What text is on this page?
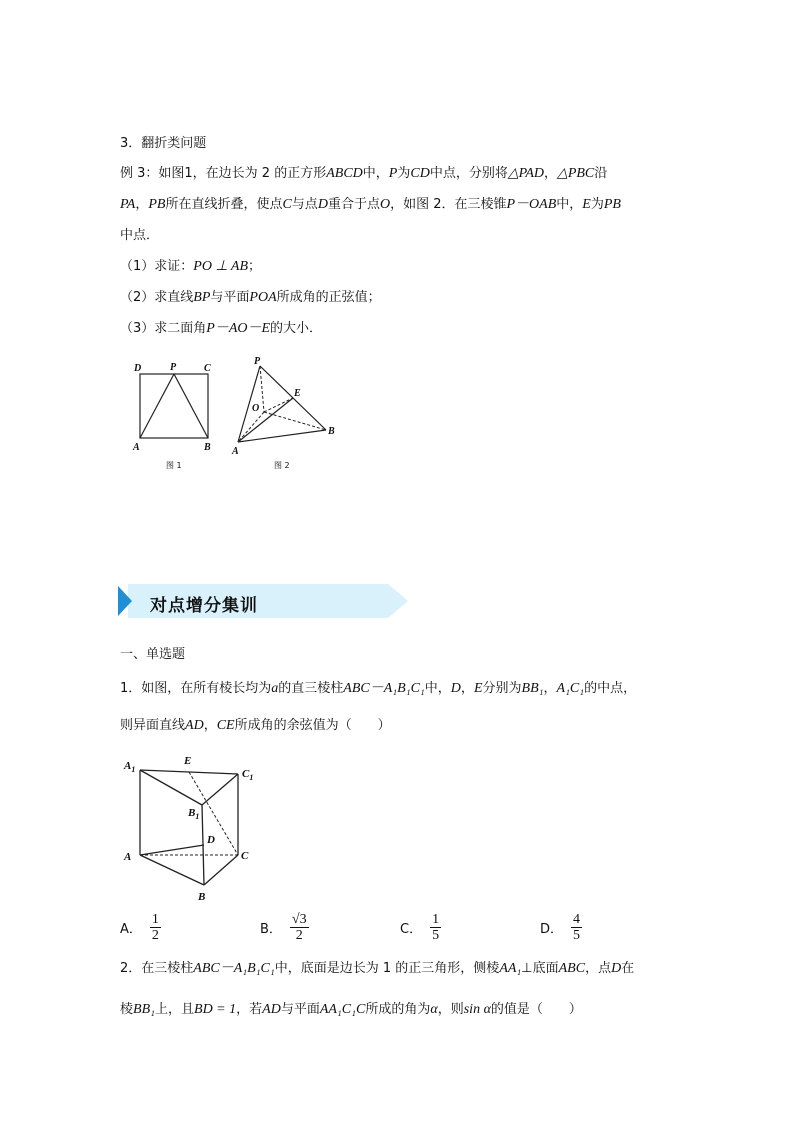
3．翻折类问题
例 3：如图1，在边长为 2 的正方形ABCD中，P为CD中点，分别将△PAD，△PBC沿
PA，PB所在直线折叠，使点C与点D重合于点O，如图 2．在三棱锥P－OAB中，E为PB
中点．
（1）求证：PO ⊥ AB；
（2）求直线BP与平面POA所成角的正弦值；
（3）求二面角P－AO－E的大小．
D	P	C
A	B
图 1
P
E
O
A
B
图 2
对点增分集训
一、单选题
1．如图，在所有棱长均为a的直三棱柱ABC－A₁B₁C₁中，D，E分别为BB₁，A₁C₁的中点，
则异面直线AD，CE所成角的余弦值为（　　）
$A_1$
E
$C_1$
$B_1$
D
A	C
B
A． $\frac{1}{2}$	B． $\frac{√3}{2}$	C． $\frac{1}{5}$	D． $\frac{4}{5}$
2．在三棱柱ABC－A₁B₁C₁中，底面是边长为 1 的正三角形，侧棱AA₁⊥底面ABC，点D在
棱BB₁上，且BD = 1，若AD与平面AA₁C₁C所成的角为α，则sin α的值是（　　）
